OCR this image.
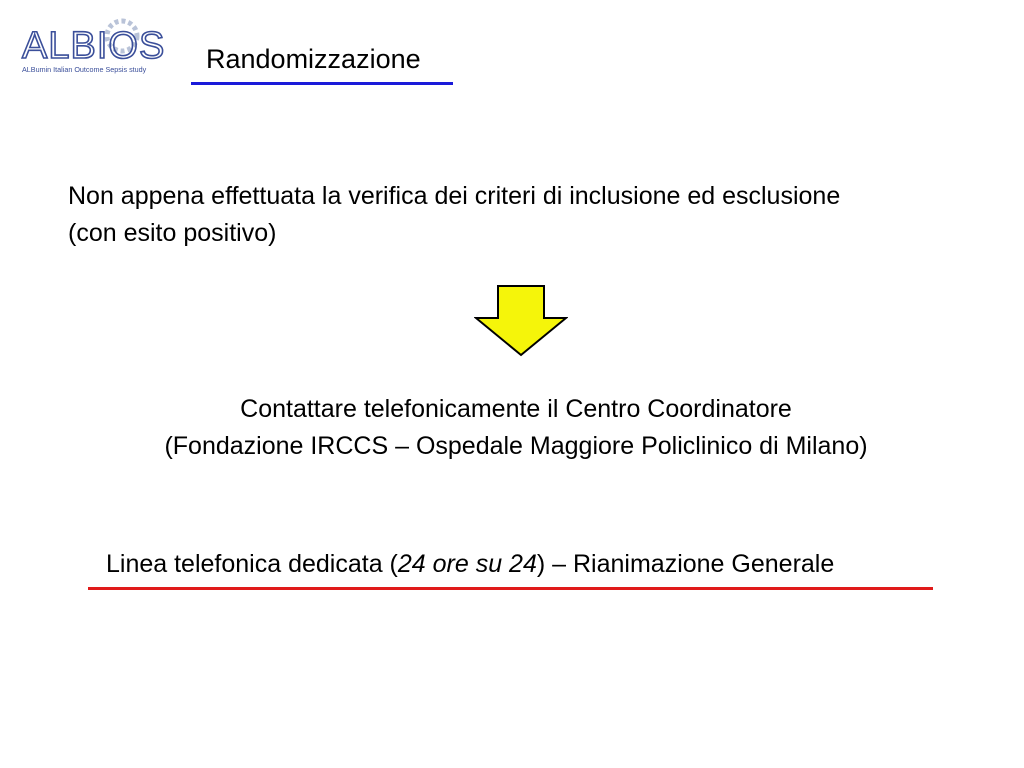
ALBIOS
ALBumin Italian Outcome Sepsis study Randomizzazione
Non appena effettuata la verifica dei criteri di inclusione ed esclusione
(con esito positivo)
Contattare telefonicamente il Centro Coordinatore
(Fondazione IRCCS – Ospedale Maggiore Policlinico di Milano)
Linea telefonica dedicata (24 ore su 24) – Rianimazione Generale
